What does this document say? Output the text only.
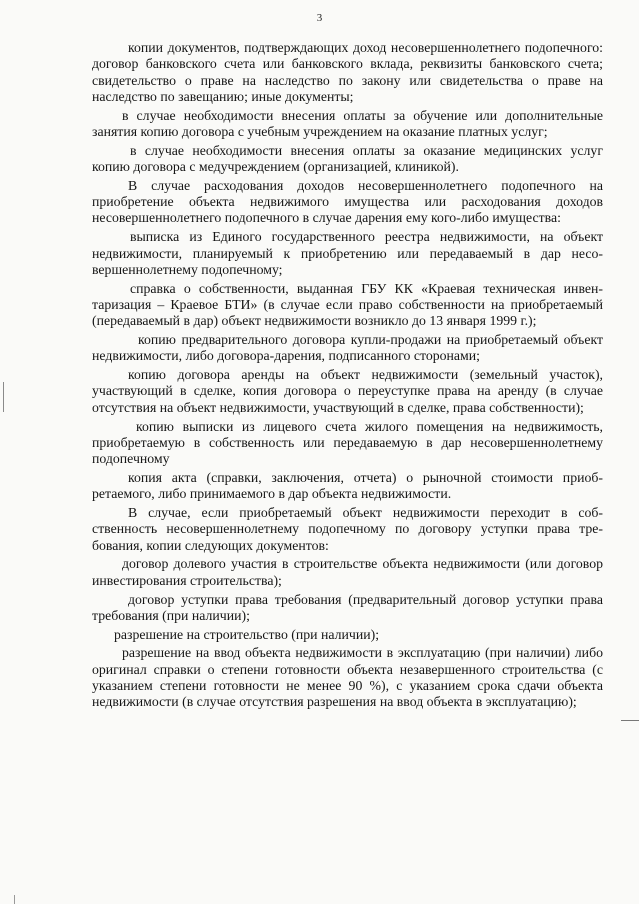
3

копии документов, подтверждающих доход несовершеннолетнего подопечного: договор банковского счета или банковского вклада, реквизиты банковского счета; свидетельство о праве на наследство по закону или свидетельства о праве на наследство по завещанию; иные документы;

в случае необходимости внесения оплаты за обучение или дополнительные занятия копию договора с учебным учреждением на оказание платных услуг;

в случае необходимости внесения оплаты за оказание медицинских услуг копию договора с медучреждением (организацией, клиникой).

В случае расходования доходов несовершеннолетнего подопечного на приобретение объекта недвижимого имущества или расходования доходов несовершеннолетнего подопечного в случае дарения ему кого-либо имущества:

выписка из Единого государственного реестра недвижимости, на объект недвижимости, планируемый к приобретению или передаваемый в дар несовершеннолетнему подопечному;

справка о собственности, выданная ГБУ КК «Краевая техническая инвентаризация – Краевое БТИ» (в случае если право собственности на приобретаемый (передаваемый в дар) объект недвижимости возникло до 13 января 1999 г.);

копию предварительного договора купли-продажи на приобретаемый объект недвижимости, либо договора-дарения, подписанного сторонами;

копию договора аренды на объект недвижимости (земельный участок), участвующий в сделке, копия договора о переуступке права на аренду (в случае отсутствия на объект недвижимости, участвующий в сделке, права собственности);

копию выписки из лицевого счета жилого помещения на недвижимость, приобретаемую в собственность или передаваемую в дар несовершеннолетнему подопечному

копия акта (справки, заключения, отчета) о рыночной стоимости приобретаемого, либо принимаемого в дар объекта недвижимости.

В случае, если приобретаемый объект недвижимости переходит в собственность несовершеннолетнему подопечному по договору уступки права требования, копии следующих документов:

договор долевого участия в строительстве объекта недвижимости (или договор инвестирования строительства);

договор уступки права требования (предварительный договор уступки права требования (при наличии);

разрешение на строительство (при наличии);

разрешение на ввод объекта недвижимости в эксплуатацию (при наличии) либо оригинал справки о степени готовности объекта незавершенного строительства (с указанием степени готовности не менее 90 %), с указанием срока сдачи объекта недвижимости (в случае отсутствия разрешения на ввод объекта в эксплуатацию);
